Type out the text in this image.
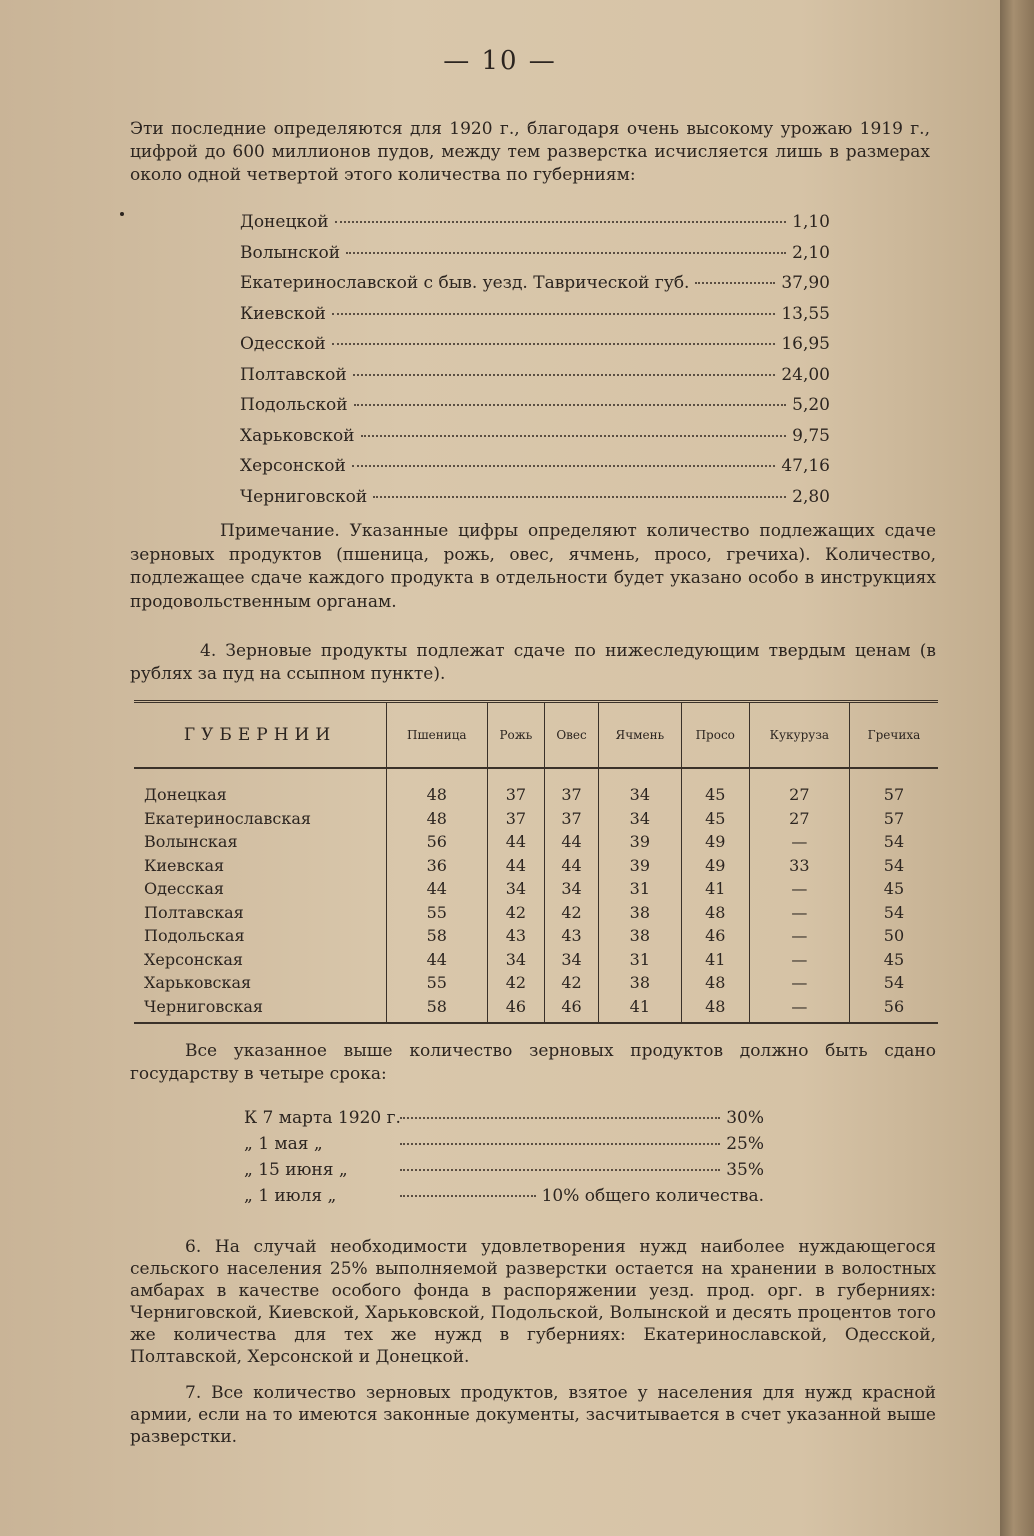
— 10 —
Эти последние определяются для 1920 г., благодаря очень высокому урожаю 1919 г., цифрой до 600 миллионов пудов, между тем разверстка исчисляется лишь в размерах около одной четвертой этого количества по губерниям:
Донецкой	1,10
Волынской	2,10
Екатеринославской с быв. уезд. Таврической губ.	37,90
Киевской	13,55
Одесской	16,95
Полтавской	24,00
Подольской	5,20
Харьковской	9,75
Херсонской	47,16
Черниговской	2,80
Примечание. Указанные цифры определяют количество подлежащих сдаче зерновых продуктов (пшеница, рожь, овес, ячмень, просо, гречиха). Количество, подлежащее сдаче каждого продукта в отдельности будет указано особо в инструкциях продовольственным органам.
4. Зерновые продукты подлежат сдаче по нижеследующим твердым ценам (в рублях за пуд на ссыпном пункте).
ГУБЕРНИИ	Пшеница	Рожь	Овес	Ячмень	Просо	Кукуруза	Гречиха
Донецкая	48	37	37	34	45	27	57
Екатеринославская	48	37	37	34	45	27	57
Волынская	56	44	44	39	49	—	54
Киевская	36	44	44	39	49	33	54
Одесская	44	34	34	31	41	—	45
Полтавская	55	42	42	38	48	—	54
Подольская	58	43	43	38	46	—	50
Херсонская	44	34	34	31	41	—	45
Харьковская	55	42	42	38	48	—	54
Черниговская	58	46	46	41	48	—	56
Все указанное выше количество зерновых продуктов должно быть сдано государству в четыре срока:
К 7 марта 1920 г.	30%
„ 1 мая „	25%
„ 15 июня „	35%
„ 1 июля „	10% общего количества.
6. На случай необходимости удовлетворения нужд наиболее нуждающегося сельского населения 25% выполняемой разверстки остается на хранении в волостных амбарах в качестве особого фонда в распоряжении уезд. прод. орг. в губерниях: Черниговской, Киевской, Харьковской, Подольской, Волынской и десять процентов того же количества для тех же нужд в губерниях: Екатеринославской, Одесской, Полтавской, Херсонской и Донецкой.
7. Все количество зерновых продуктов, взятое у населения для нужд красной армии, если на то имеются законные документы, засчитывается в счет указанной выше разверстки.
